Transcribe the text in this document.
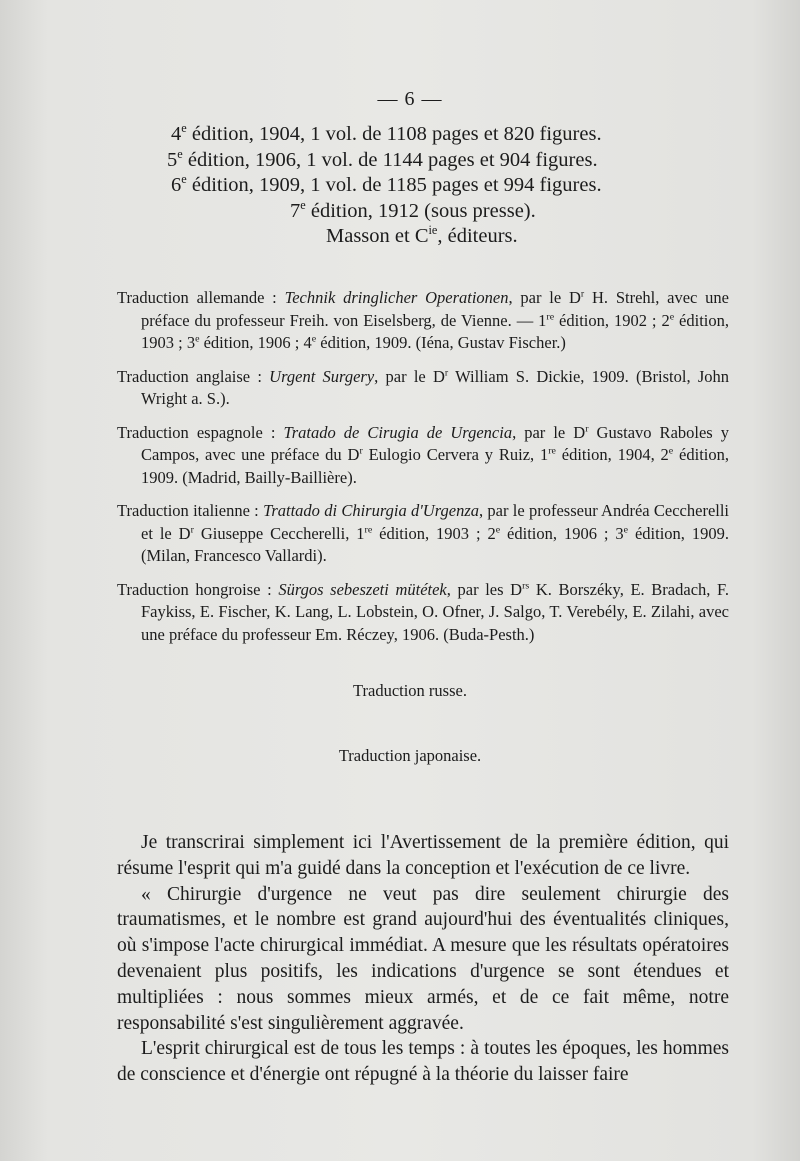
— 6 —
4e édition, 1904, 1 vol. de 1108 pages et 820 figures.
5e édition, 1906, 1 vol. de 1144 pages et 904 figures.
6e édition, 1909, 1 vol. de 1185 pages et 994 figures.
7e édition, 1912 (sous presse).
Masson et $C^{ie}$, éditeurs.

Traduction allemande : Technik dringlicher Operationen, par le $D^r$ H. Strehl, avec une préface du professeur Freih. von Eiselsberg, de Vienne. — 1re édition, 1902 ; 2e édition, 1903 ; 3e édition, 1906 ; 4e édition, 1909. (Iéna, Gustav Fischer.)

Traduction anglaise : Urgent Surgery, par le $D^r$ William S. Dickie, 1909. (Bristol, John Wright a. S.).

Traduction espagnole : Tratado de Cirugia de Urgencia, par le $D^r$ Gustavo Raboles y Campos, avec une préface du $D^r$ Eulogio Cervera y Ruiz, 1re édition, 1904, 2e édition, 1909. (Madrid, Bailly-Baillière).

Traduction italienne : Trattado di Chirurgia d'Urgenza, par le professeur Andréa Ceccherelli et le $D^r$ Giuseppe Ceccherelli, 1re édition, 1903 ; 2e édition, 1906 ; 3e édition, 1909. (Milan, Francesco Vallardi).

Traduction hongroise : Sürgos sebeszeti mütétek, par les $D^{rs}$ K. Borszéky, E. Bradach, F. Faykiss, E. Fischer, K. Lang, L. Lobstein, O. Ofner, J. Salgo, T. Verebély, E. Zilahi, avec une préface du professeur Em. Réczey, 1906. (Buda-Pesth.)

Traduction russe.
Traduction japonaise.

Je transcrirai simplement ici l'Avertissement de la première édition, qui résume l'esprit qui m'a guidé dans la conception et l'exécution de ce livre.

« Chirurgie d'urgence ne veut pas dire seulement chirurgie des traumatismes, et le nombre est grand aujourd'hui des éventualités cliniques, où s'impose l'acte chirurgical immédiat. A mesure que les résultats opératoires devenaient plus positifs, les indications d'urgence se sont étendues et multipliées : nous sommes mieux armés, et de ce fait même, notre responsabilité s'est singulièrement aggravée.

L'esprit chirurgical est de tous les temps : à toutes les époques, les hommes de conscience et d'énergie ont répugné à la théorie du laisser faire
